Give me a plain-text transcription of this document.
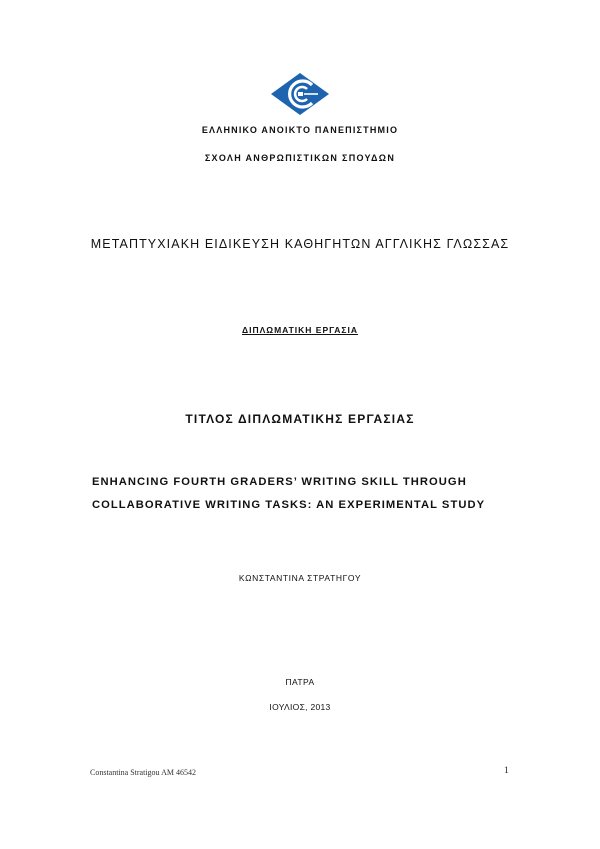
ΕΛΛΗΝΙΚΟ ΑΝΟΙΚΤΟ ΠΑΝΕΠΙΣΤΗΜΙΟ
ΣΧΟΛΗ ΑΝΘΡΩΠΙΣΤΙΚΩΝ ΣΠΟΥΔΩΝ
ΜΕΤΑΠΤΥΧΙΑΚΗ ΕΙΔΙΚΕΥΣΗ ΚΑΘΗΓΗΤΩΝ ΑΓΓΛΙΚΗΣ ΓΛΩΣΣΑΣ
ΔΙΠΛΩΜΑΤΙΚΗ ΕΡΓΑΣΙΑ
ΤΙΤΛΟΣ ΔΙΠΛΩΜΑΤΙΚΗΣ ΕΡΓΑΣΙΑΣ
ENHANCING FOURTH GRADERS’ WRITING SKILL THROUGH
COLLABORATIVE WRITING TASKS: AN EXPERIMENTAL STUDY
ΚΩΝΣΤΑΝΤΙΝΑ ΣΤΡΑΤΗΓΟΥ
ΠΑΤΡΑ
ΙΟΥΛΙΟΣ, 2013
Constantina Stratigou AM 46542	1
